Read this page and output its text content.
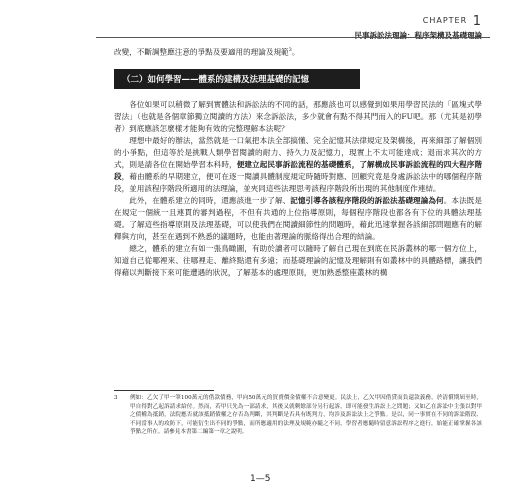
CHAPTER 1
民事訴訟法理論：程序架構及基礎理論

改變，不斷調整應注意的爭點及要適用的理論及規範$^3$。

（二）如何學習——體系的建構及法理基礎的記憶

各位如果可以稍微了解到實體法和訴訟法的不同的話，那應該也可以感覺到如果用學習民法的「區塊式學習法」（也就是各個章節獨立閱讀的方法）來念訴訟法，多少就會有點不得其門而入的FU吧。那（尤其是初學者）到底應該怎麼樣才能夠有效的完整理解本法呢？

理想中最好的辦法，當然就是一口氣把本法全部搞懂、完全記憶其法律規定及架構後，再來細部了解個別的小爭點，但這等於是挑戰人類學習閱讀的耐力、持久力及記憶力，現實上不太可能達成；退而求其次的方式，則是請各位在開始學習本科時，便建立起民事訴訟流程的基礎體系，了解構成民事訴訟流程的四大程序階段，藉由體系的早期建立，便可在逐一閱讀具體制度規定時隨時對應、回顧究竟是身處訴訟法中的哪個程序階段，並用該程序階段所適用的法理論，並夾同這些法理思考該程序階段所出現的其他制度作連結。

此外，在體系建立的同時，還應該進一步了解、記憶引導各該程序階段的訴訟法基礎理論為何。本法既是在規定一個統一且連貫的審判過程，不但有共通的上位指導原則，每個程序階段也都各有下位的具體法理基礎。了解這些指導原則及法理基礎，可以使我們在閱讀細節性的問題時，藉此迅速掌握各該細部問題應有的解釋與方向，甚至在遇到不熟悉的議題時，也能由著理論的脈絡得出合理的結論。

總之，體系的建立有如一張鳥瞰圖，有助於讀者可以隨時了解自己現在到底在民訴叢林的哪一個方位上，知道自己從哪裡來、往哪裡走、離終點還有多遠；而基礎理論的記憶及理解則有如叢林中的具體路標，讓我們得藉以判斷接下來可能遭遇的狀況，了解基本的處理原則，更加熟悉整座叢林的構

3 例如：乙欠了甲一筆100萬元的借款債務，甲向50萬元的買賣價金債權不合意變更。民法上，乙欠甲因借貸而負還款義務，於清償期屆至時，甲自得對乙起訴請求給付。然而，若甲只先為一部請求，其後又就剩餘部分另行起訴，即可能發生訴訟上之問題；又如乙在訴訟中主張以對甲之債權為抵銷，法院應否就該抵銷債權之存否為判斷，其判斷是否具有既判力，均涉及訴訟法上之爭點。是以，同一事實在不同的訴訟階段、不同當事人的攻防下，可能衍生出不同的爭點，而所應適用的法理及規範亦隨之不同，學習者應隨時留意訴訟程序之進行，始能正確掌握各該爭點之所在。請參見本書第二編第一章之說明。
1—5
